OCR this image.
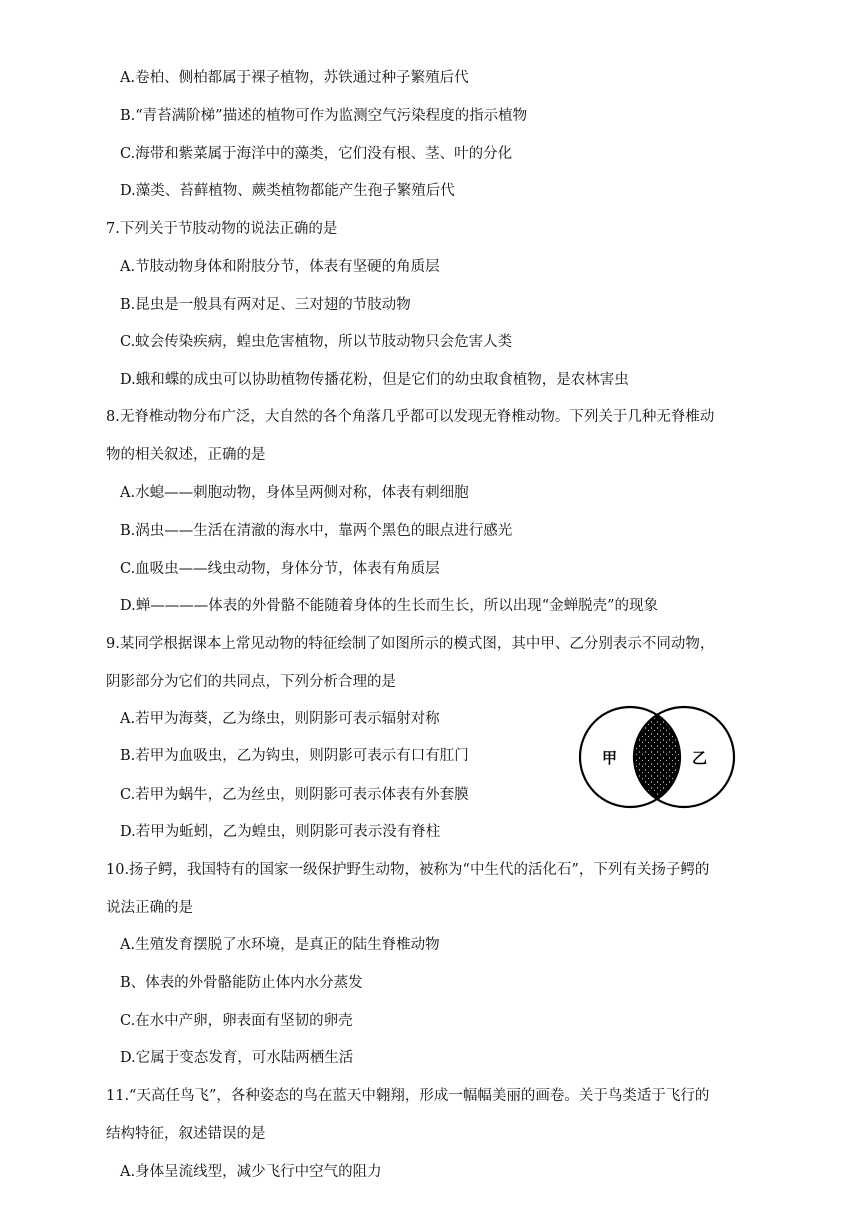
A.卷柏、侧柏都属于裸子植物，苏铁通过种子繁殖后代
B.“青苔满阶梯”描述的植物可作为监测空气污染程度的指示植物
C.海带和紫菜属于海洋中的藻类，它们没有根、茎、叶的分化
D.藻类、苔藓植物、蕨类植物都能产生孢子繁殖后代
7.下列关于节肢动物的说法正确的是
A.节肢动物身体和附肢分节，体表有坚硬的角质层
B.昆虫是一般具有两对足、三对翅的节肢动物
C.蚊会传染疾病，蝗虫危害植物，所以节肢动物只会危害人类
D.蛾和蝶的成虫可以协助植物传播花粉，但是它们的幼虫取食植物，是农林害虫
8.无脊椎动物分布广泛，大自然的各个角落几乎都可以发现无脊椎动物。下列关于几种无脊椎动
物的相关叙述，正确的是
A.水螅——刺胞动物，身体呈两侧对称，体表有刺细胞
B.涡虫——生活在清澈的海水中，靠两个黑色的眼点进行感光
C.血吸虫——线虫动物，身体分节，体表有角质层
D.蝉————体表的外骨骼不能随着身体的生长而生长，所以出现“金蝉脱壳”的现象
9.某同学根据课本上常见动物的特征绘制了如图所示的模式图，其中甲、乙分别表示不同动物，
阴影部分为它们的共同点，下列分析合理的是
A.若甲为海葵，乙为绦虫，则阴影可表示辐射对称
B.若甲为血吸虫，乙为钩虫，则阴影可表示有口有肛门
C.若甲为蜗牛，乙为丝虫，则阴影可表示体表有外套膜
D.若甲为蚯蚓，乙为蝗虫，则阴影可表示没有脊柱
甲	乙
10.扬子鳄，我国特有的国家一级保护野生动物，被称为“中生代的活化石”，下列有关扬子鳄的
说法正确的是
A.生殖发育摆脱了水环境，是真正的陆生脊椎动物
B、体表的外骨骼能防止体内水分蒸发
C.在水中产卵，卵表面有坚韧的卵壳
D.它属于变态发育，可水陆两栖生活
11.“天高任鸟飞”，各种姿态的鸟在蓝天中翱翔，形成一幅幅美丽的画卷。关于鸟类适于飞行的
结构特征，叙述错误的是
A.身体呈流线型，减少飞行中空气的阻力
